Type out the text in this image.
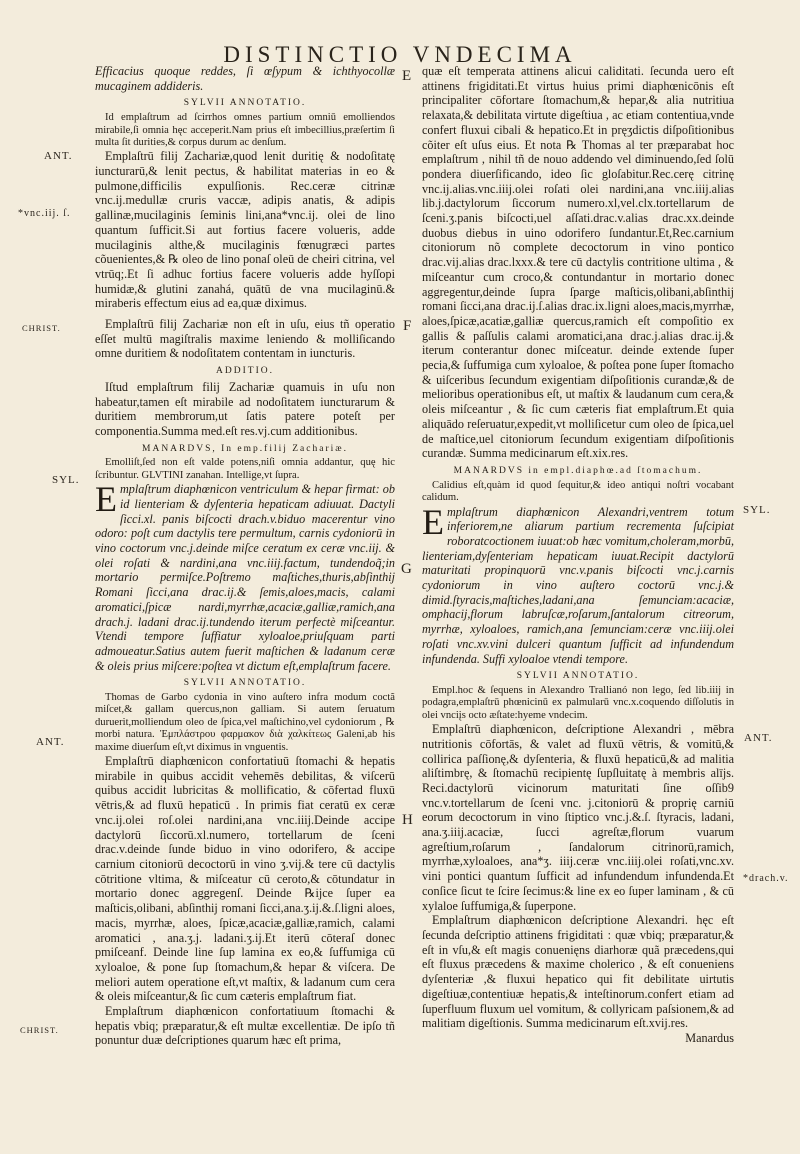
DISTINCTIO VNDECIMA
E
F
G
H
ANT.
*vnc.iij. ſ.
CHRIST.
SYL.
ANT.
CHRIST.
SYL.
ANT.
*drach.v.

Efficacius quoque reddes, ſi œſypum & ichthyocollæ mucaginem addideris.

SYLVII ANNOTATIO.

Id emplaſtrum ad ſcirrhos omnes partium omniū emolliendos mirabile,ſi omnia hęc acceperit.Nam prius eſt imbecillius,præſertim ſi multa ſit durities,& corpus durum ac denſum.

Emplaſtrū filij Zachariæ,quod lenit duritię & nodoſitatę iuncturarū,& lenit pectus, & habilitat materias in eo & pulmone,difficilis expulſionis. Rec.ceræ citrinæ vnc.ij.medullæ cruris vaccæ, adipis anatis, & adipis gallinæ,mucilaginis ſeminis lini,ana*vnc.ij. olei de lino quantum ſufficit.Si aut fortius facere volueris, adde mucilaginis althe,& mucilaginis fœnugræci partes cõuenientes,& ℞ oleo de lino ponaſ oleū de cheiri citrina, vel vtrūq;.Et ſi adhuc fortius facere volueris adde hyſſopi humidæ,& glutini zanahá, quātū de vna mucilaginū.& miraberis effectum eius ad ea,quæ diximus.

Emplaſtrū filij Zachariæ non eſt in uſu, eius tñ operatio eſſet multū magiſtralis maxime leniendo & molliſicando omne duritiem & nodoſitatem contentam in iuncturis.

ADDITIO.

Iſtud emplaſtrum filij Zachariæ quamuis in uſu non habeatur,tamen eſt mirabile ad nodoſitatem iuncturarum & duritiem membrorum,ut ſatis patere poteſt per componentia.Summa med.eſt res.vj.cum additionibus.

MANARDVS, In emp.filij Zachariæ.

Emolliſt,ſed non eſt valde potens,niſi omnia addantur, quę hic ſcribuntur. GLVTINI zanahan. Intellige,vt ſupra.

Emplaſtrum diaphœnicon ventriculum & hepar firmat: ob id lienteriam & dyſenteria hepaticam adiuuat. Dactyli ſicci.xl. panis biſcocti drach.v.biduo macerentur vino odoro: poſt cum dactylis tere permultum, carnis cydoniorū in vino coctorum vnc.j.deinde miſce ceratum ex ceræ vnc.iij. & olei roſati & nardini,ana vnc.iiij.factum, tundendoq̃;in mortario permiſce.Poſtremo maſtiches,thuris,abſinthij Romani ſicci,ana drac.ij.& ſemis,aloes,macis, calami aromatici,ſpicæ nardi,myrrhæ,acaciæ,galliæ,ramich,ana drach.j. ladani drac.ij.tundendo iterum perfectè miſceantur. Vtendi tempore ſuffiatur xyloaloe,priuſquam parti admoueatur.Satius autem fuerit maſtichen & ladanum ceræ & oleis prius miſcere:poſtea vt dictum eſt,emplaſtrum facere.

SYLVII ANNOTATIO.

Thomas de Garbo cydonia in vino auſtero infra modum coctã miſcet,& gallam quercus,non galliam. Si autem ſeruatum duruerit,molliendum oleo de ſpica,vel maſtichino,vel cydoniorum , ℞ morbi natura. Ἐμπλάστρου φαρμακον διὰ χαλκίτεως Galeni,ab his maxime diuerſum eſt,vt diximus in vnguentis.

Emplaſtrū diaphœnicon confortatiuū ſtomachi & hepatis mirabile in quibus accidit vehemēs debilitas, & viſcerū quibus accidit lubricitas & mollificatio, & cōfertad fluxū vētris,& ad fluxū hepaticū . In primis fiat ceratū ex ceræ vnc.ij.olei roſ.olei nardini,ana vnc.iiij.Deinde accipe dactylorū ſiccorū.xl.numero, tortellarum de ſceni drac.v.deinde ſunde biduo in vino odorifero, & accipe carnium citoniorū decoctorū in vino ʒ.vij.& tere cū dactylis cōtritione vltima, & miſceatur cū ceroto,& cōtundatur in mortario donec aggregenſ. Deinde ℞ijce ſuper ea maſticis,olibani, abſinthij romani ſicci,ana.ʒ.ij.&.ſ.ligni aloes, macis, myrrhæ, aloes, ſpicæ,acaciæ,galliæ,ramich, calami aromatici , ana.ʒ.j. ladani.ʒ.ij.Et iterū cōteraſ donec pmiſceanf. Deinde line ſup lamina ex eo,& ſuffumiga cū xyloaloe, & pone ſup ſtomachum,& hepar & viſcera. De meliori autem operatione eſt,vt maſtix, & ladanum cum cera & oleis miſceantur,& ſic cum cæteris emplaſtrum fiat.

Emplaſtrum diaphœnicon confortatiuum ſtomachi & hepatis vbiq; præparatur,& eſt multæ excellentiæ. De ipſo tñ ponuntur duæ deſcriptiones quarum hæc eſt prima,

quæ eſt temperata attinens alicui caliditati. ſecunda uero eſt attinens frigiditati.Et virtus huius primi diaphœnicōnis eſt principaliter cōfortare ſtomachum,& hepar,& alia nutritiua relaxata,& debilitata virtute digeſtiua , ac etiam contentiua,vnde confert fluxui cibali & hepatico.Et in pręʒdictis diſpoſitionibus cõiter eſt uſus eius. Et nota ℞ Thomas al ter præparabat hoc emplaſtrum , nihil tñ de nouo addendo vel diminuendo,ſed ſolū pondera diuerſificando, ideo ſic gloſabitur.Rec.cerę citrinę vnc.ij.alias.vnc.iiij.olei roſati olei nardini,ana vnc.iiij.alias lib.j.dactylorum ſiccorum numero.xl,vel.clx.tortellarum de ſceni.ʒ.panis biſcocti,uel aſſati.drac.v.alias drac.xx.deinde duobus diebus in uino odorifero ſundantur.Et,Rec.carnium citoniorum nõ complete decoctorum in vino pontico drac.vij.alias drac.lxxx.& tere cū dactylis contritione ultima , & miſceantur cum croco,& contundantur in mortario donec aggregentur,deinde ſupra ſparge maſticis,olibani,abſinthij romani ſicci,ana drac.ij.ſ.alias drac.ix.ligni aloes,macis,myrrhæ, aloes,ſpicæ,acatiæ,galliæ quercus,ramich eſt compoſitio ex gallis & paſſulis calami aromatici,ana drac.j.alias drac.ij.& iterum conterantur donec miſceatur. deinde extende ſuper pecia,& ſuffumiga cum xyloaloe, & poſtea pone ſuper ſtomacho & uiſceribus ſecundum exigentiam diſpoſitionis curandæ,& de melioribus operationibus eſt, ut maſtix & laudanum cum cera,& oleis miſceantur , & ſic cum cæteris fiat emplaſtrum.Et quia aliquādo reſeruatur,expedit,vt molliſicetur cum oleo de ſpica,uel de maſtice,uel citoniorum ſecundum exigentiam diſpoſitionis curandæ. Summa medicinarum eſt.xix.res.

MANARDVS in empl.diaphœ.ad ſtomachum.

Calidius eſt,quàm id quod ſequitur,& ideo antiqui noſtri vocabant calidum.

Emplaſtrum diaphœnicon Alexandri,ventrem totum inferiorem,ne aliarum partium recrementa ſuſcipiat roboratcoctionem iuuat:ob hæc vomitum,choleram,morbū, lienteriam,dyſenteriam hepaticam iuuat.Recipit dactylorū maturitati propinquorū vnc.v.panis biſcocti vnc.j.carnis cydoniorum in vino auſtero coctorū vnc.j.& dimid.ſtyracis,maſtiches,ladani,ana ſemunciam:acaciæ, omphacij,florum labruſcæ,roſarum,ſantalorum citreorum, myrrhæ, xyloaloes, ramich,ana ſemunciam:ceræ vnc.iiij.olei roſati vnc.xv.vini dulceri quantum ſufficit ad infundendum infundenda. Suffi xyloaloe vtendi tempore.

SYLVII ANNOTATIO.

Empl.hoc & ſequens in Alexandro Trallianó non lego, ſed lib.iiij in podagra,emplaſtrū phœnicinū ex palmularū vnc.x.coquendo diſſolutis in olei vnciįs octo æſtate:hyeme vndecim.

Emplaſtrū diaphœnicon, deſcriptione Alexandri , mēbra nutritionis cōfortās, & valet ad fluxū vētris, & vomitū,& collirica paſſionę,& dyſenteria, & fluxū hepaticū,& ad malitia aliſtimbrę, & ſtomachū recipientę ſupſluitatę à membris alījs. Reci.dactylorū vicinorum maturitati ſine oſſib9 vnc.v.tortellarum de ſceni vnc. j.citoniorū & proprię carniū eorum decoctorum in vino ſtiptico vnc.j.&.ſ. ſtyracis, ladani, ana.ʒ.iiij.acaciæ, ſucci agreſtæ,florum vuarum agreſtium,roſarum , ſandalorum citrinorū,ramich, myrrhæ,xyloaloes, ana*ʒ. iiij.ceræ vnc.iiij.olei roſati,vnc.xv. vini pontici quantum ſufficit ad infundendum infundenda.Et conſice ſicut te ſcire ſecimus:& line ex eo ſuper laminam , & cū xylaloe ſuffumiga,& ſuperpone.

Emplaſtrum diaphœnicon deſcriptione Alexandri. hęc eſt ſecunda deſcriptio attinens frigiditati : quæ vbiq; præparatur,& eſt in vſu,& eſt magis conuenięns diarhoræ quã præcedens,qui eſt fluxus præcedens & maxime cholerico , & eſt conueniens dyſenteriæ ,& fluxui hepatico qui fit debilitate uirtutis digeſtiuæ,contentiuæ hepatis,& inteſtinorum.confert etiam ad ſuperfluum fluxum uel vomitum, & collyricam paſsionem,& ad malitiam digeſtionis. Summa medicinarum eſt.xvij.res.

Manardus
